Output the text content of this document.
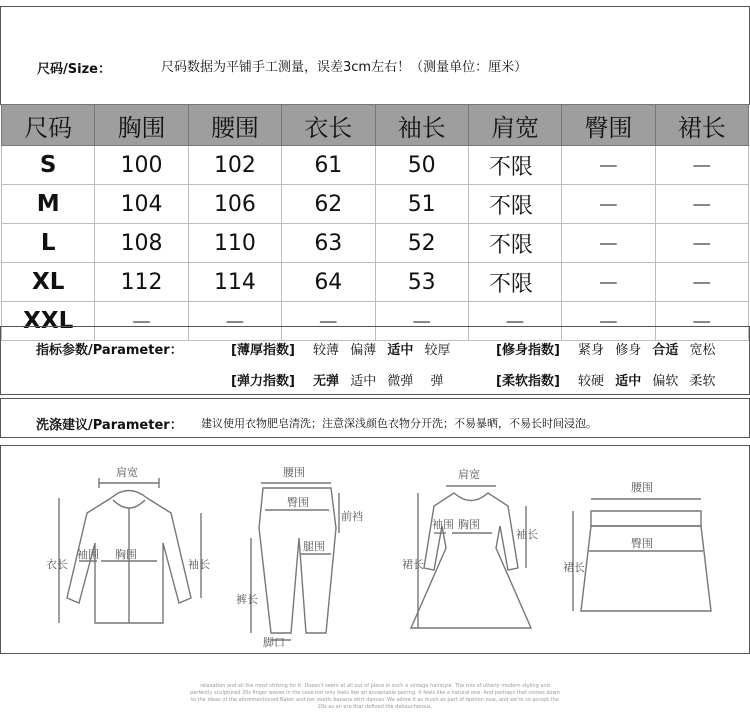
尺码/Size：	尺码数据为平铺手工测量，误差3cm左右！（测量单位：厘米）
尺码	胸围	腰围	衣长	袖长	肩宽	臀围	裙长
S	100	102	61	50	不限	－	－
M	104	106	62	51	不限	－	－
L	108	110	63	52	不限	－	－
XL	112	114	64	53	不限	－	－
XXL	－	－	－	－	－	－	－
指标参数/Parameter：	[薄厚指数] 较薄 偏薄 适中 较厚	[修身指数] 紧身 修身 合适 宽松
[弹力指数] 无弹 适中 微弹 弹	[柔软指数] 较硬 适中 偏软 柔软
洗涤建议/Parameter： 建议使用衣物肥皂清洗；注意深浅颜色衣物分开洗；不易暴晒，不易长时间浸泡。
肩宽
袖围 胸围
衣长	袖长
腰围
臀围
前裆
腿围
裤长
脚口
肩宽
袖围 胸围
裙长
袖长
腰围
臀围
裙长
relaxation and all the most striking for it. Doesn't seem at all out of place in such a vintage hairstyle. The mix of utterly modern styling and perfectly sculptured 20s finger waves in the case not only feels like an acceptable pairing. It feels like a natural one. And perhaps that comes down to the ideas of the aforementioned Baker and her exotic banana skirt dances. We adore it as much as part of fashion now, and we're so accept the 20s as an era that defined the debaucherous.
